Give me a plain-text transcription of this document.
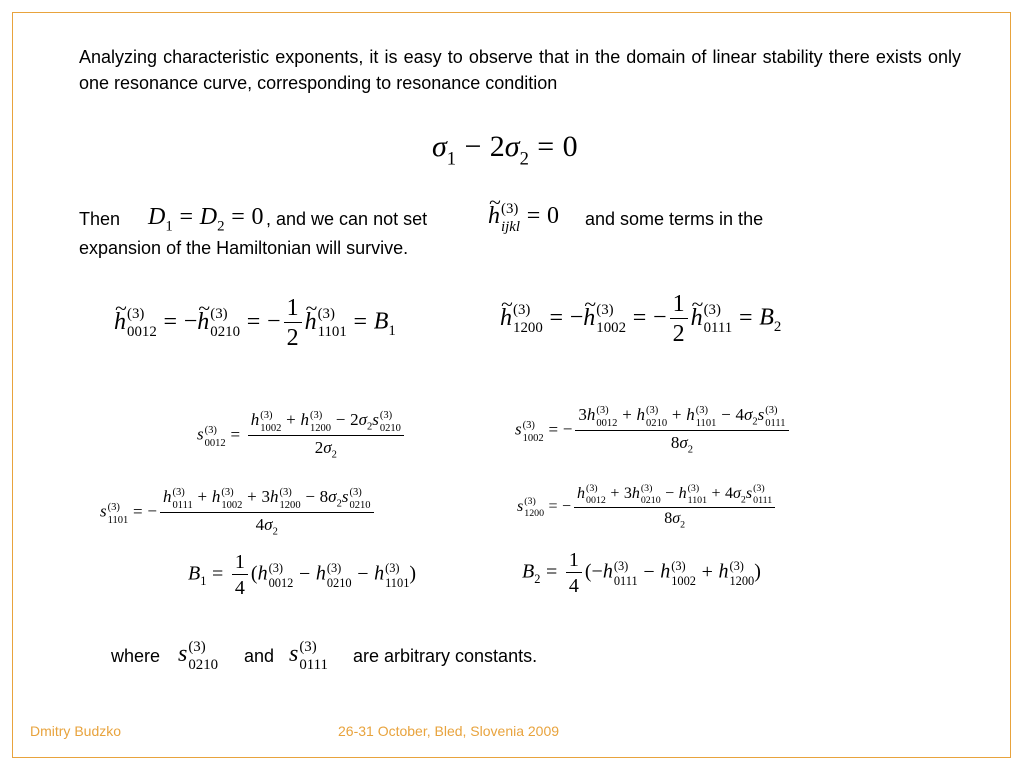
Analyzing characteristic exponents, it is easy to observe that in the domain of linear stability there exists only one resonance curve, corresponding to resonance condition
$\sigma_1 - 2\sigma_2 = 0$
Then $D_1 = D_2 = 0$ , and we can not set	~ h (3)
ijkl = 0 and some terms in the
expansion of the Hamiltonian will survive.
~ h (3)
0012 = −~ h (3)
0210 = − $\frac{1}{2}$ ~ h (3)
$1101 = B_1$
~ h (3)
1200 = −~ h (3)
1002 = − $\frac{1}{2}$ ~ h (3)
$0111 = B_2$
s (3)
0012 = h (3)
1002 + h (3)
$1200 - 2\sigma_2s$ (3)
0210
$2\sigma_2$	s (3)
1002 = − 3h (3)
0012 + h (3)
0210 + h (3)
$1101 - 4\sigma_2s$ (3)
0111
$8\sigma_2$
s (3)
1101 = − h (3)
0111 + h (3)
1002 + 3h (3)
$1200 - 8\sigma_2s$ (3)
0210
$4\sigma_2$	s (3)
1200 = − h (3)
0012 + 3h (3)
0210 − h (3)
$1101 + 4\sigma_2s$ (3)
0111
$8\sigma_2$
$B_1 = \frac{1}{4} (h$ (3)
0012 − h (3)
0210 − h (3)
1101 )	$B_2 = \frac{1}{4} (-h$ (3)
0111 − h (3)
1002 + h (3)
1200 )
where s (3)
0210 and s (3)
0111 are arbitrary constants.
Dmitry Budzko	26-31 October, Bled, Slovenia 2009
